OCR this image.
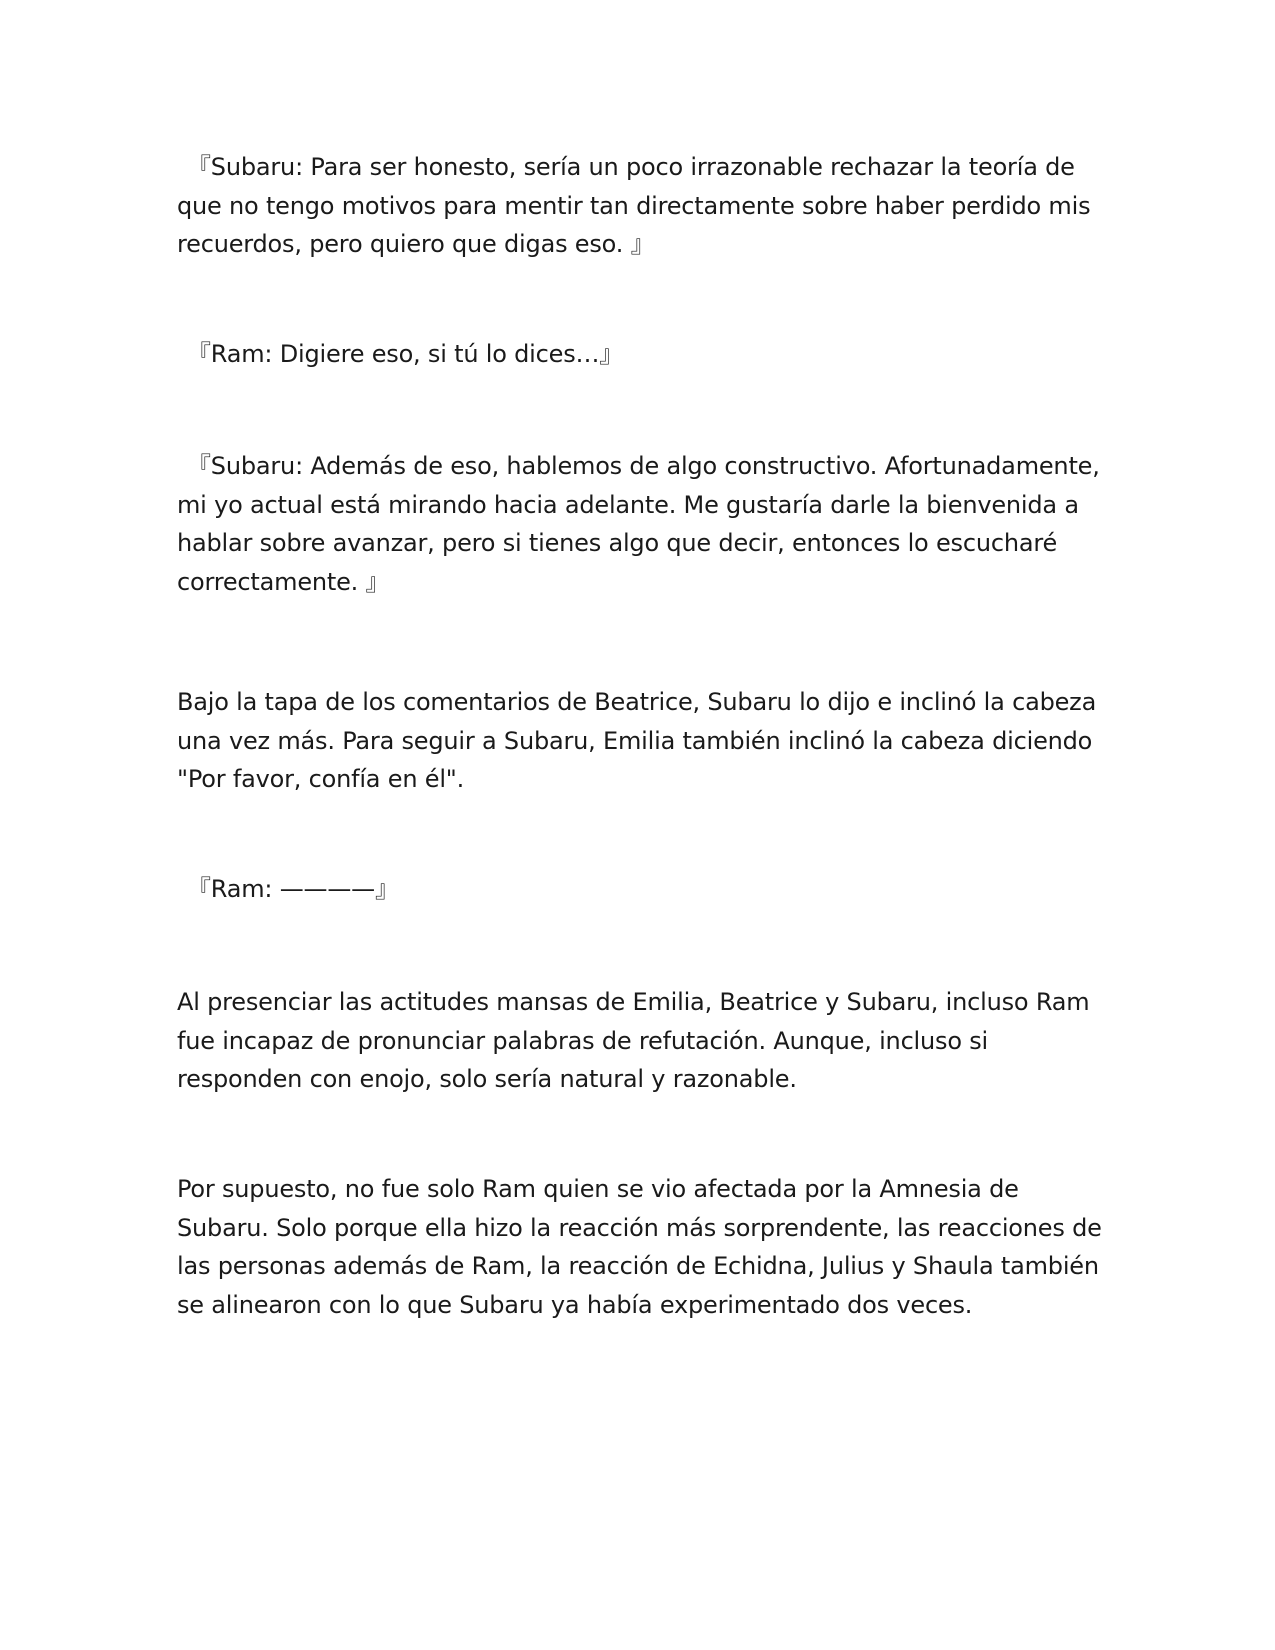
『Subaru: Para ser honesto, sería un poco irrazonable rechazar la teoría de
que no tengo motivos para mentir tan directamente sobre haber perdido mis
recuerdos, pero quiero que digas eso. 』

『Ram: Digiere eso, si tú lo dices…』

『Subaru: Además de eso, hablemos de algo constructivo. Afortunadamente,
mi yo actual está mirando hacia adelante. Me gustaría darle la bienvenida a
hablar sobre avanzar, pero si tienes algo que decir, entonces lo escucharé
correctamente. 』

Bajo la tapa de los comentarios de Beatrice, Subaru lo dijo e inclinó la cabeza
una vez más. Para seguir a Subaru, Emilia también inclinó la cabeza diciendo
"Por favor, confía en él".

『Ram: ————』

Al presenciar las actitudes mansas de Emilia, Beatrice y Subaru, incluso Ram
fue incapaz de pronunciar palabras de refutación. Aunque, incluso si
responden con enojo, solo sería natural y razonable.

Por supuesto, no fue solo Ram quien se vio afectada por la Amnesia de
Subaru. Solo porque ella hizo la reacción más sorprendente, las reacciones de
las personas además de Ram, la reacción de Echidna, Julius y Shaula también
se alinearon con lo que Subaru ya había experimentado dos veces.
